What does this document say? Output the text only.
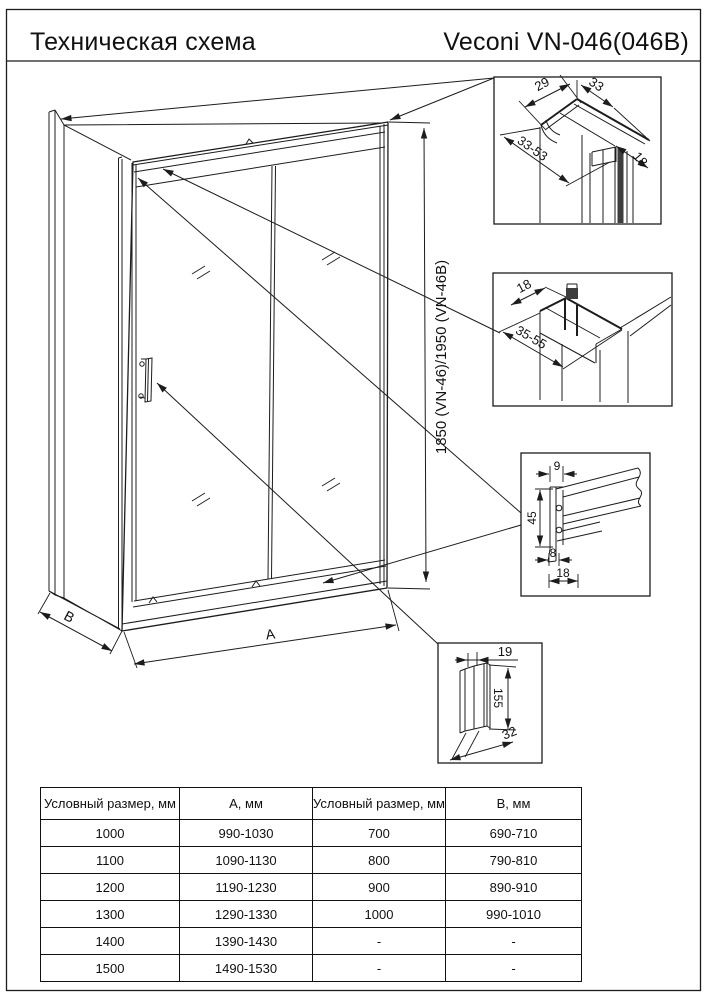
Техническая схема	Veconi VN-046(046B)
1850 (VN-46)/1950 (VN-46B)
A
B
29	33
33-53	18
18
35-55
9
45
8
18
19
155
32
Условный размер, мм	А, мм	Условный размер, мм	В, мм
1000	990-1030	700	690-710
1100	1090-1130	800	790-810
1200	1190-1230	900	890-910
1300	1290-1330	1000	990-1010
1400	1390-1430	-	-
1500	1490-1530	-	-
